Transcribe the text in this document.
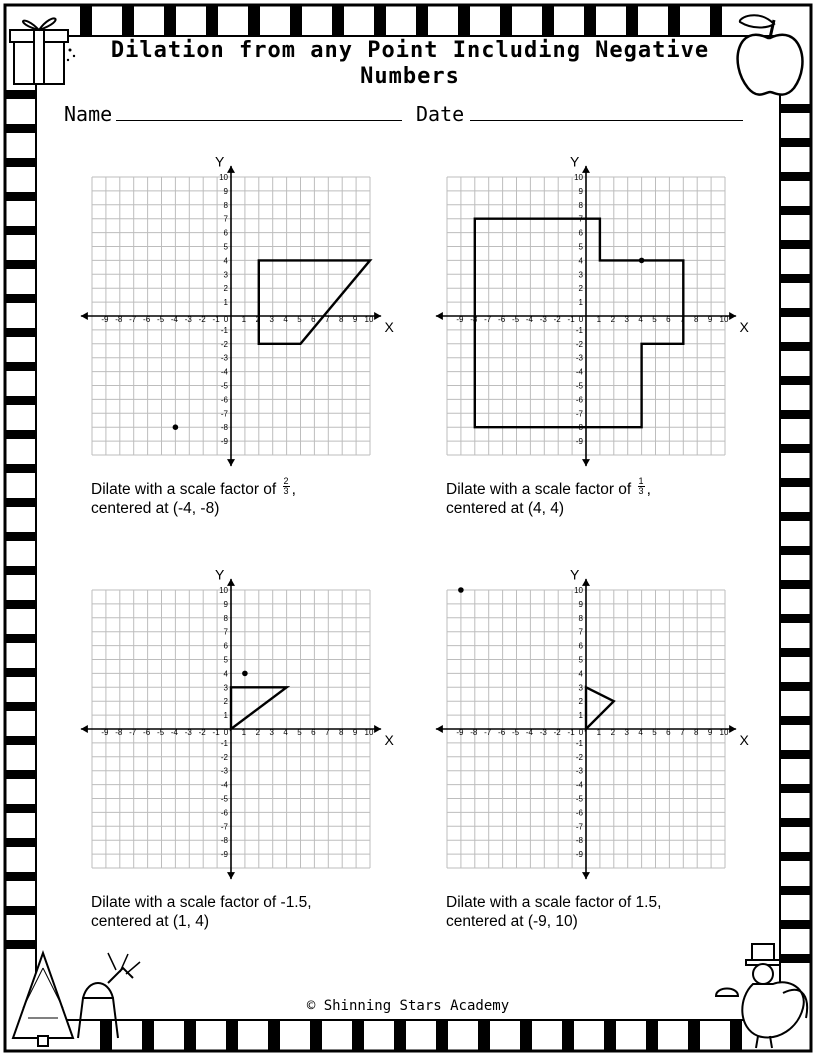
Dilation from any Point Including Negative Numbers
Name	Date
-9 -8 -7 -6 -5 -4 -3 -2 -1 0 1 2 3 4 5 6 7 8 9 10
10
9
8
7
6
5
4
3
2
1
-1
-2
-3
-4
-5
-6
-7
-8
-9
X
Y
Dilate with a scale factor of $\frac{2}{3}$ ,
centered at (-4, -8)
-9 -8 -7 -6 -5 -4 -3 -2 -1 0 1 2 3 4 5 6 7 8 9 10
10
9
8
7
6
5
4
3
2
1
-1
-2
-3
-4
-5
-6
-7
-8
-9
X
Y
Dilate with a scale factor of $\frac{1}{3}$ ,
centered at (4, 4)
-9 -8 -7 -6 -5 -4 -3 -2 -1 0 1 2 3 4 5 6 7 8 9 10
10
9
8
7
6
5
4
3
2
1
-1
-2
-3
-4
-5
-6
-7
-8
-9
X
Y
Dilate with a scale factor of -1.5,
centered at (1, 4)
-9 -8 -7 -6 -5 -4 -3 -2 -1 0 1 2 3 4 5 6 7 8 9 10
10
9
8
7
6
5
4
3
2
1
-1
-2
-3
-4
-5
-6
-7
-8
-9
X
Y
Dilate with a scale factor of 1.5,
centered at (-9, 10)
© Shinning Stars Academy
